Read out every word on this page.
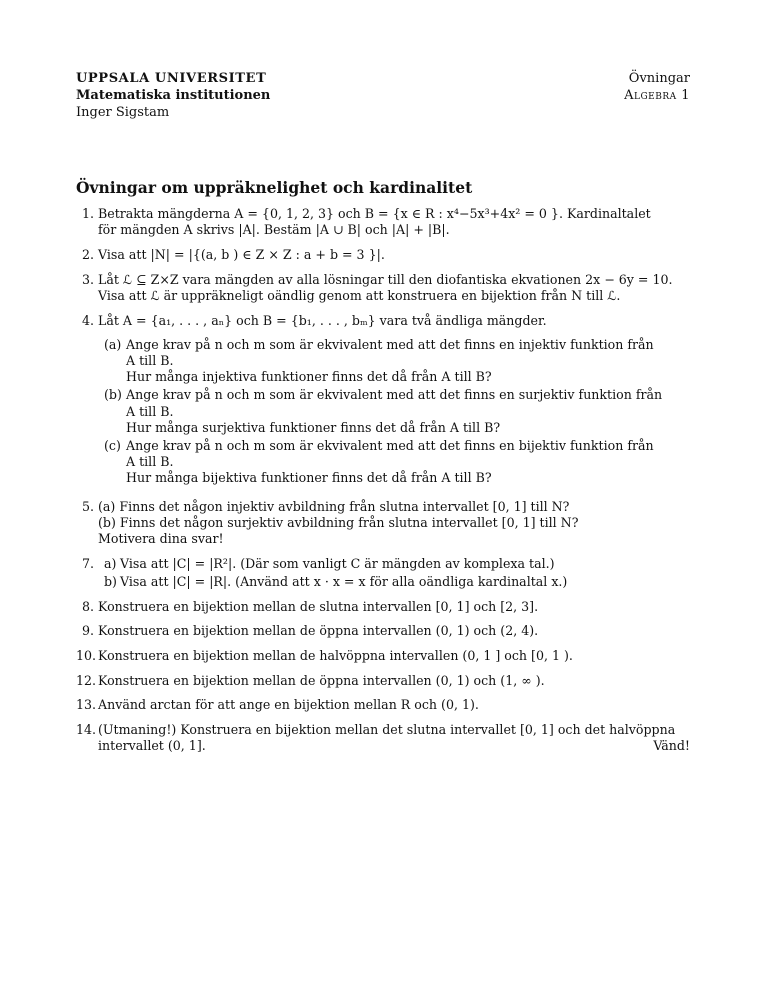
UPPSALA UNIVERSITET
Matematiska institutionen
Inger Sigstam
Övningar
Algebra 1
Övningar om uppräknelighet och kardinalitet
1. Betrakta mängderna A = {0, 1, 2, 3} och B = {x ∈ R : x⁴−5x³+4x² = 0 }. Kardinaltalet
för mängden A skrivs |A|. Bestäm |A ∪ B| och |A| + |B|.
2. Visa att |N| = |{(a, b ) ∈ Z × Z : a + b = 3 }|.
3. Låt ℒ ⊆ Z×Z vara mängden av alla lösningar till den diofantiska ekvationen 2x − 6y = 10.
Visa att ℒ är uppräkneligt oändlig genom att konstruera en bijektion från N till ℒ.
4. Låt A = {a₁, . . . , aₙ} och B = {b₁, . . . , bₘ} vara två ändliga mängder.
(a) Ange krav på n och m som är ekvivalent med att det finns en injektiv funktion från
A till B.
Hur många injektiva funktioner finns det då från A till B?
(b) Ange krav på n och m som är ekvivalent med att det finns en surjektiv funktion från
A till B.
Hur många surjektiva funktioner finns det då från A till B?
(c) Ange krav på n och m som är ekvivalent med att det finns en bijektiv funktion från
A till B.
Hur många bijektiva funktioner finns det då från A till B?
5. (a) Finns det någon injektiv avbildning från slutna intervallet [0, 1] till N?
(b) Finns det någon surjektiv avbildning från slutna intervallet [0, 1] till N?
Motivera dina svar!
7. a) Visa att |C| = |R²|. (Där som vanligt C är mängden av komplexa tal.)
b) Visa att |C| = |R|. (Använd att x · x = x för alla oändliga kardinaltal x.)
8. Konstruera en bijektion mellan de slutna intervallen [0, 1] och [2, 3].
9. Konstruera en bijektion mellan de öppna intervallen (0, 1) och (2, 4).
10. Konstruera en bijektion mellan de halvöppna intervallen (0, 1 ] och [0, 1 ).
12. Konstruera en bijektion mellan de öppna intervallen (0, 1) och (1, ∞ ).
13. Använd arctan för att ange en bijektion mellan R och (0, 1).
14. (Utmaning!) Konstruera en bijektion mellan det slutna intervallet [0, 1] och det halvöppna
intervallet (0, 1].	Vänd!
